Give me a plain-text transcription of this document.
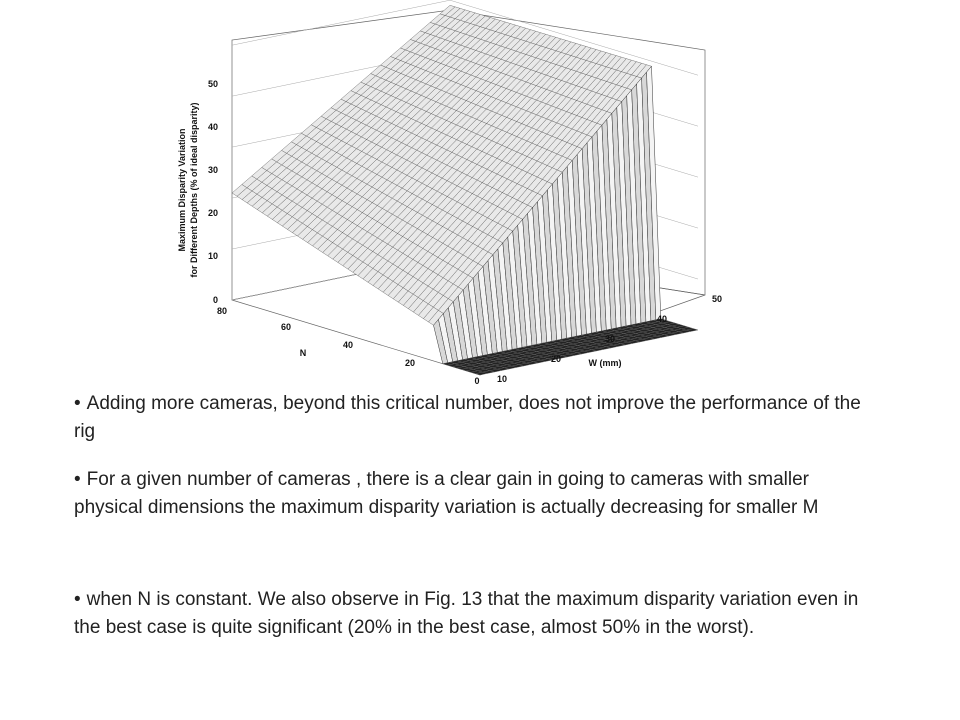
0
10
20
30
40
50
Maximum Disparity Variation for Different Depths (% of ideal disparity)
0
20
40
60
80
N
10
20
30
40
50
W (mm)
• Adding more cameras, beyond this critical number, does not improve the performance of the rig
• For a given number of cameras , there is a clear gain in going to cameras with smaller physical dimensions the maximum disparity variation is actually decreasing for smaller M
• when N is constant. We also observe in Fig. 13 that the maximum disparity variation even in the best case is quite significant (20% in the best case, almost 50% in the worst).
